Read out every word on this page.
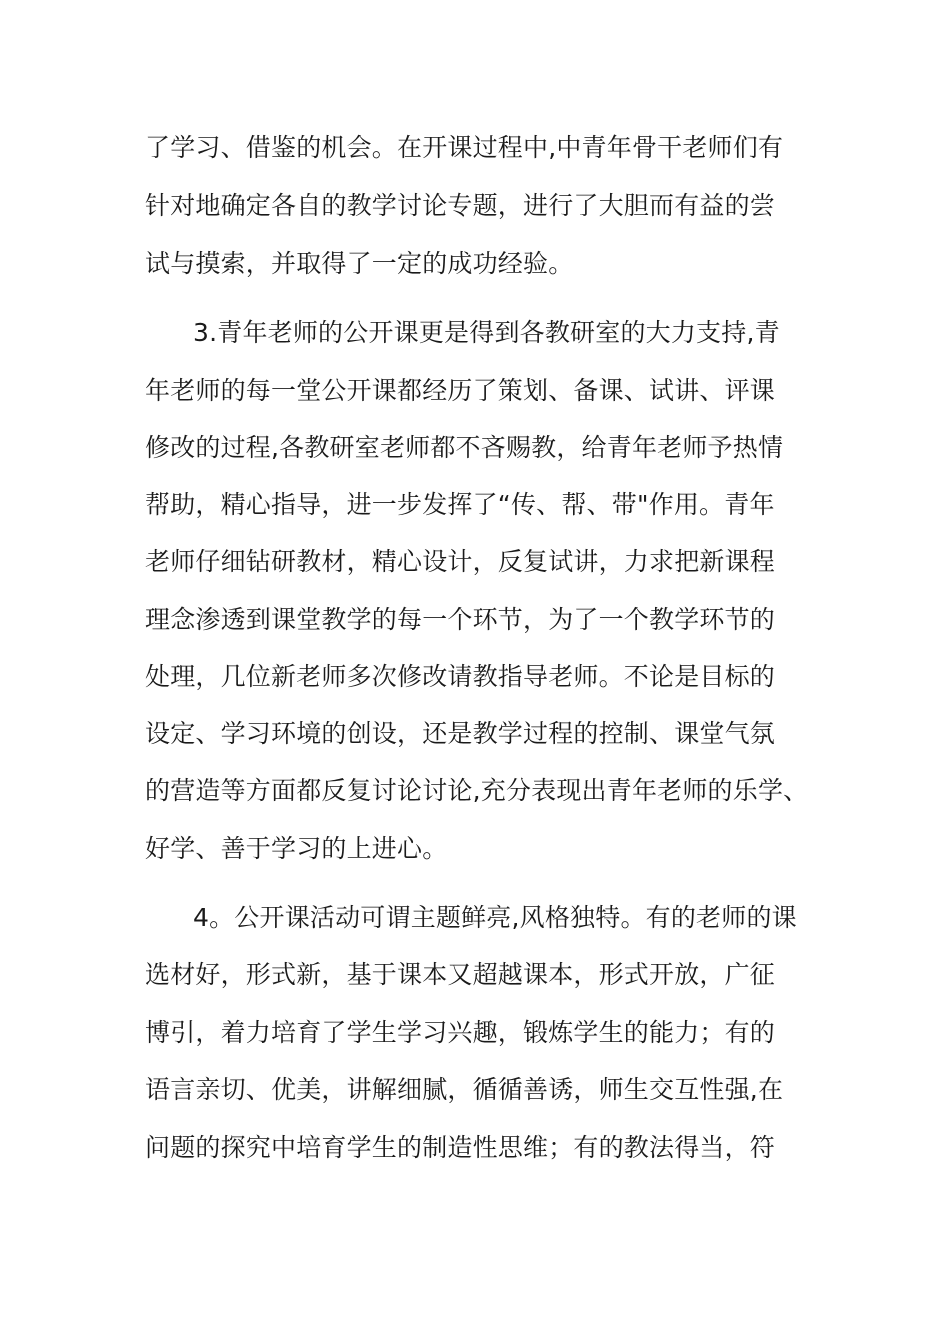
了学习、借鉴的机会。在开课过程中,中青年骨干老师们有
针对地确定各自的教学讨论专题，进行了大胆而有益的尝
试与摸索，并取得了一定的成功经验。
3.青年老师的公开课更是得到各教研室的大力支持,青
年老师的每一堂公开课都经历了策划、备课、试讲、评课
修改的过程,各教研室老师都不吝赐教，给青年老师予热情
帮助，精心指导，进一步发挥了“传、帮、带"作用。青年
老师仔细钻研教材，精心设计，反复试讲，力求把新课程
理念渗透到课堂教学的每一个环节，为了一个教学环节的
处理，几位新老师多次修改请教指导老师。不论是目标的
设定、学习环境的创设，还是教学过程的控制、课堂气氛
的营造等方面都反复讨论讨论,充分表现出青年老师的乐学、
好学、善于学习的上进心。
4。公开课活动可谓主题鲜亮,风格独特。有的老师的课
选材好，形式新，基于课本又超越课本，形式开放，广征
博引，着力培育了学生学习兴趣，锻炼学生的能力；有的
语言亲切、优美，讲解细腻，循循善诱，师生交互性强,在
问题的探究中培育学生的制造性思维；有的教法得当，符
